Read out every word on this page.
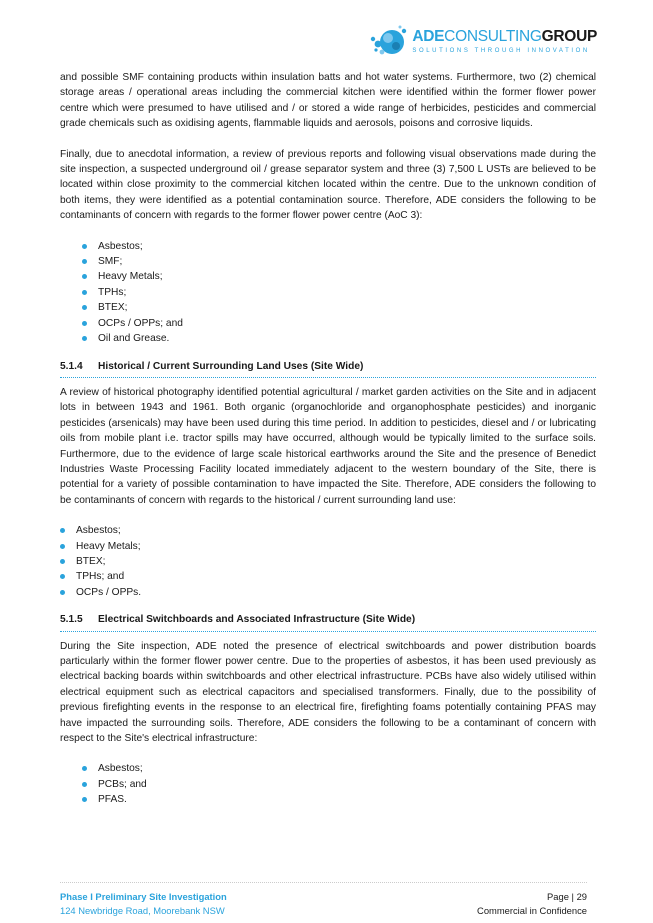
ADECONSULTINGGROUP
SOLUTIONS THROUGH INNOVATION

and possible SMF containing products within insulation batts and hot water systems. Furthermore, two (2) chemical storage areas / operational areas including the commercial kitchen were identified within the former flower power centre which were presumed to have utilised and / or stored a wide range of herbicides, pesticides and commercial grade chemicals such as oxidising agents, flammable liquids and aerosols, poisons and corrosive liquids.

Finally, due to anecdotal information, a review of previous reports and following visual observations made during the site inspection, a suspected underground oil / grease separator system and three (3) 7,500 L USTs are believed to be located within close proximity to the commercial kitchen located within the centre. Due to the unknown condition of both items, they were identified as a potential contamination source. Therefore, ADE considers the following to be contaminants of concern with regards to the former flower power centre (AoC 3):

Asbestos;
SMF;
Heavy Metals;
TPHs;
BTEX;
OCPs / OPPs; and
Oil and Grease.
5.1.4	Historical / Current Surrounding Land Uses (Site Wide)

A review of historical photography identified potential agricultural / market garden activities on the Site and in adjacent lots in between 1943 and 1961. Both organic (organochloride and organophosphate pesticides) and inorganic pesticides (arsenicals) may have been used during this time period. In addition to pesticides, diesel and / or lubricating oils from mobile plant i.e. tractor spills may have occurred, although would be typically limited to the surface soils. Furthermore, due to the evidence of large scale historical earthworks around the Site and the presence of Benedict Industries Waste Processing Facility located immediately adjacent to the western boundary of the Site, there is potential for a variety of possible contamination to have impacted the Site. Therefore, ADE considers the following to be contaminants of concern with regards to the historical / current surrounding land use:

Asbestos;
Heavy Metals;
BTEX;
TPHs; and
OCPs / OPPs.
5.1.5	Electrical Switchboards and Associated Infrastructure (Site Wide)

During the Site inspection, ADE noted the presence of electrical switchboards and power distribution boards particularly within the former flower power centre. Due to the properties of asbestos, it has been used previously as electrical backing boards within switchboards and other electrical infrastructure. PCBs have also widely utilised within electrical equipment such as electrical capacitors and specialised transformers. Finally, due to the possibility of previous firefighting events in the response to an electrical fire, firefighting foams potentially containing PFAS may have impacted the surrounding soils. Therefore, ADE considers the following to be a contaminant of concern with respect to the Site's electrical infrastructure:

Asbestos;
PCBs; and
PFAS.
Phase I Preliminary Site Investigation
124 Newbridge Road, Moorebank NSW
Page | 29
Commercial in Confidence
